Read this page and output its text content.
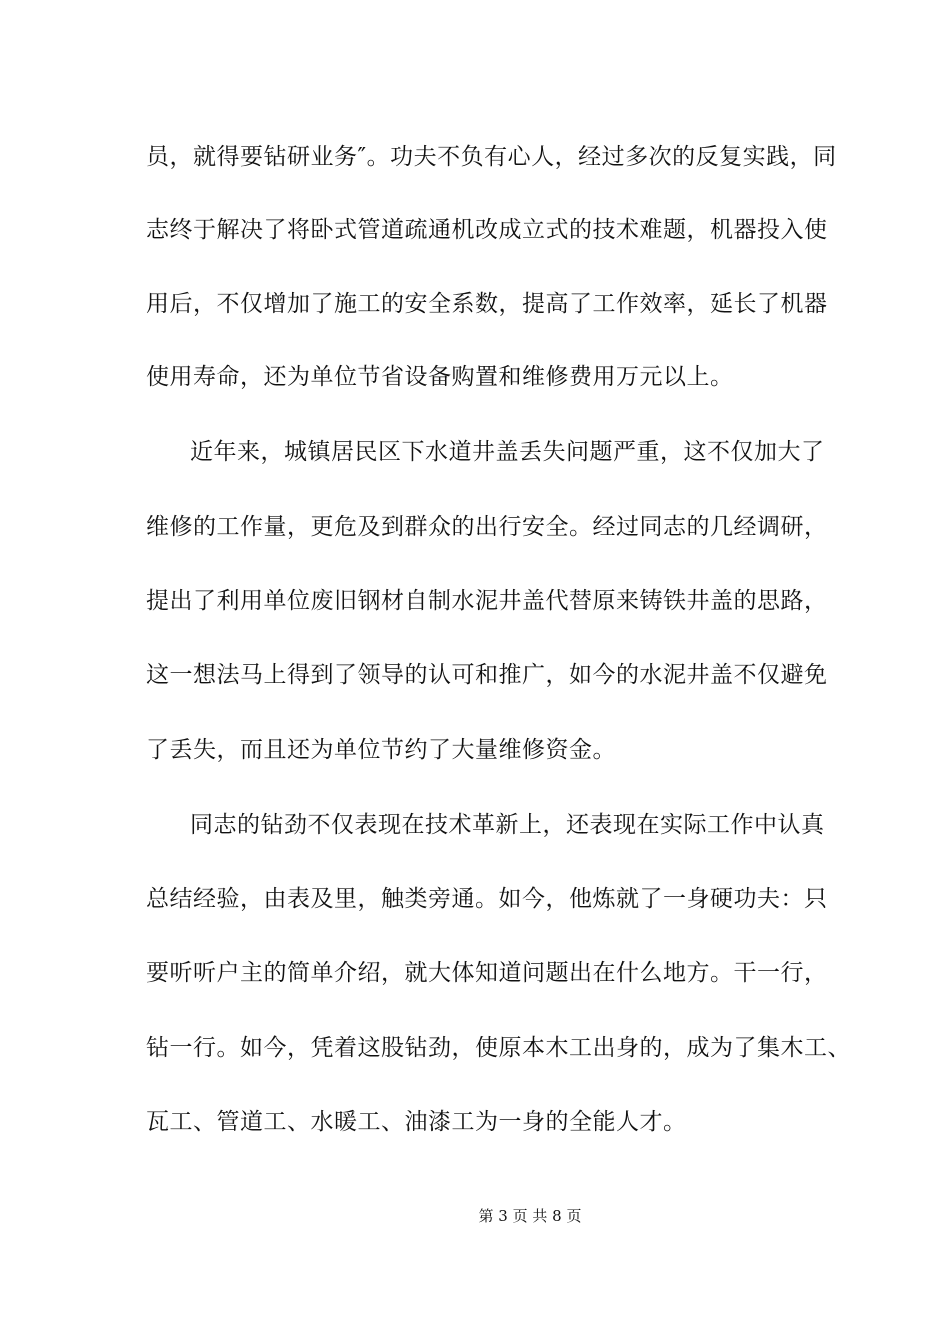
员，就得要钻研业务″。功夫不负有心人，经过多次的反复实践，同
志终于解决了将卧式管道疏通机改成立式的技术难题，机器投入使
用后，不仅增加了施工的安全系数，提高了工作效率，延长了机器
使用寿命，还为单位节省设备购置和维修费用万元以上。
近年来，城镇居民区下水道井盖丢失问题严重，这不仅加大了
维修的工作量，更危及到群众的出行安全。经过同志的几经调研，
提出了利用单位废旧钢材自制水泥井盖代替原来铸铁井盖的思路，
这一想法马上得到了领导的认可和推广，如今的水泥井盖不仅避免
了丢失，而且还为单位节约了大量维修资金。
同志的钻劲不仅表现在技术革新上，还表现在实际工作中认真
总结经验，由表及里，触类旁通。如今，他炼就了一身硬功夫：只
要听听户主的简单介绍，就大体知道问题出在什么地方。干一行，
钻一行。如今，凭着这股钻劲，使原本木工出身的，成为了集木工、
瓦工、管道工、水暖工、油漆工为一身的全能人才。
第 3 页 共 8 页
